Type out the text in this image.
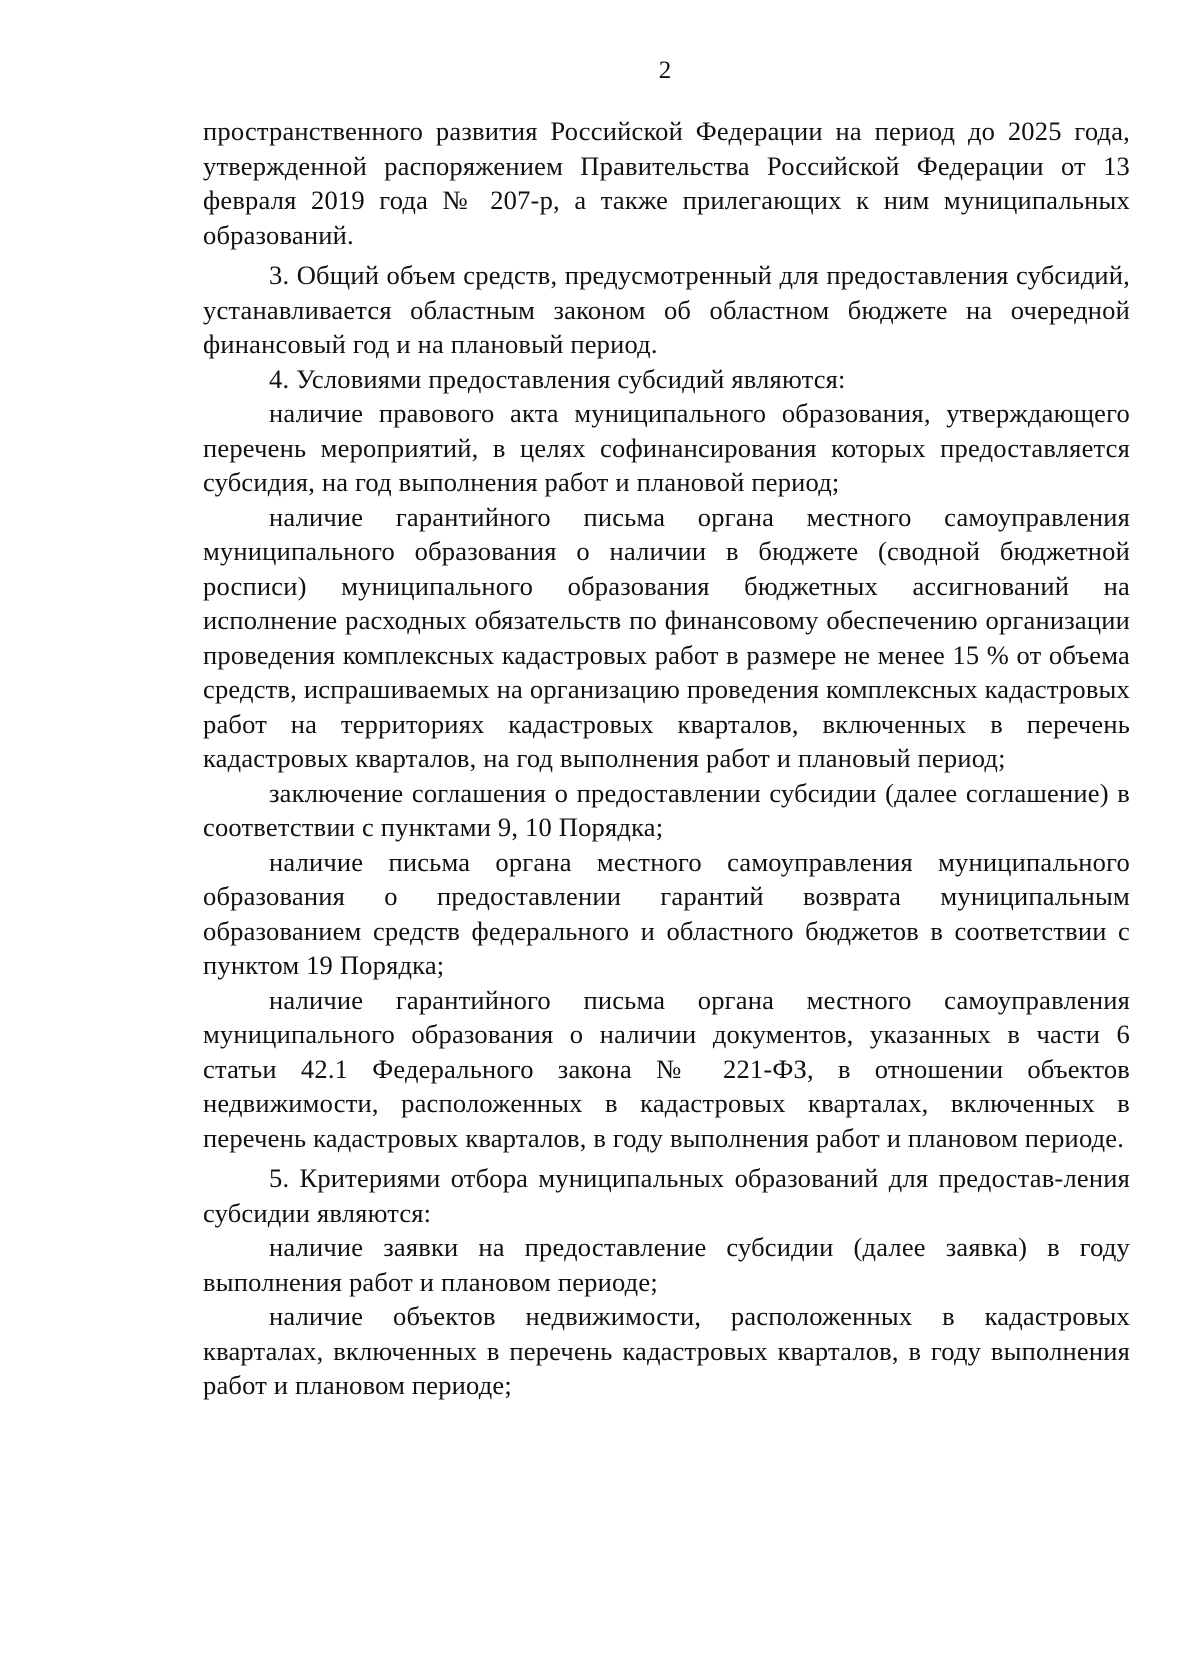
2

пространственного развития Российской Федерации на период до 2025 года, утвержденной распоряжением Правительства Российской Федерации от 13 февраля 2019 года № 207-р, а также прилегающих к ним муниципальных образований.

3. Общий объем средств, предусмотренный для предоставления субсидий, устанавливается областным законом об областном бюджете на очередной финансовый год и на плановый период.

4. Условиями предоставления субсидий являются:

наличие правового акта муниципального образования, утверждающего перечень мероприятий, в целях софинансирования которых предоставляется субсидия, на год выполнения работ и плановой период;

наличие гарантийного письма органа местного самоуправления муниципального образования о наличии в бюджете (сводной бюджетной росписи) муниципального образования бюджетных ассигнований на исполнение расходных обязательств по финансовому обеспечению организации проведения комплексных кадастровых работ в размере не менее 15 % от объема средств, испрашиваемых на организацию проведения комплексных кадастровых работ на территориях кадастровых кварталов, включенных в перечень кадастровых кварталов, на год выполнения работ и плановый период;

заключение соглашения о предоставлении субсидии (далее соглашение) в соответствии с пунктами 9, 10 Порядка;

наличие письма органа местного самоуправления муниципального образования о предоставлении гарантий возврата муниципальным образованием средств федерального и областного бюджетов в соответствии с пунктом 19 Порядка;

наличие гарантийного письма органа местного самоуправления муниципального образования о наличии документов, указанных в части 6 статьи 42.1 Федерального закона № 221-ФЗ, в отношении объектов недвижимости, расположенных в кадастровых кварталах, включенных в перечень кадастровых кварталов, в году выполнения работ и плановом периоде.

5. Критериями отбора муниципальных образований для предостав-ления субсидии являются:

наличие заявки на предоставление субсидии (далее заявка) в году выполнения работ и плановом периоде;

наличие объектов недвижимости, расположенных в кадастровых кварталах, включенных в перечень кадастровых кварталов, в году выполнения работ и плановом периоде;
